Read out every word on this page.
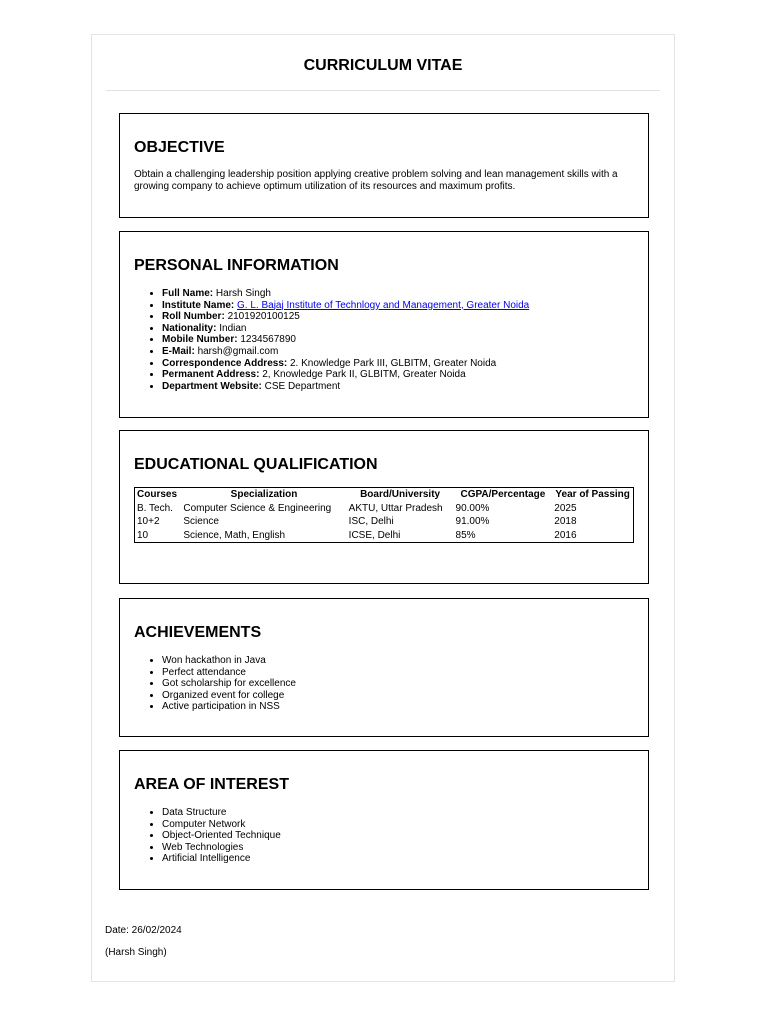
CURRICULUM VITAE
OBJECTIVE

Obtain a challenging leadership position applying creative problem solving and lean management skills with a growing company to achieve optimum utilization of its resources and maximum profits.

PERSONAL INFORMATION
• Full Name: Harsh Singh
• Institute Name: G. L. Bajaj Institute of Technlogy and Management, Greater Noida
• Roll Number: 2101920100125
• Nationality: Indian
• Mobile Number: 1234567890
• E-Mail: harsh@gmail.com
• Correspondence Address: 2. Knowledge Park III, GLBITM, Greater Noida
• Permanent Address: 2, Knowledge Park II, GLBITM, Greater Noida
• Department Website: CSE Department
EDUCATIONAL QUALIFICATION
Courses	Specialization	Board/University	CGPA/Percentage	Year of Passing
B. Tech.	Computer Science & Engineering	AKTU, Uttar Pradesh	90.00%	2025
10+2	Science	ISC, Delhi	91.00%	2018
10	Science, Math, English	ICSE, Delhi	85%	2016
ACHIEVEMENTS
• Won hackathon in Java
• Perfect attendance
• Got scholarship for excellence
• Organized event for college
• Active participation in NSS
AREA OF INTEREST
• Data Structure
• Computer Network
• Object-Oriented Technique
• Web Technologies
• Artificial Intelligence
Date: 26/02/2024
(Harsh Singh)
